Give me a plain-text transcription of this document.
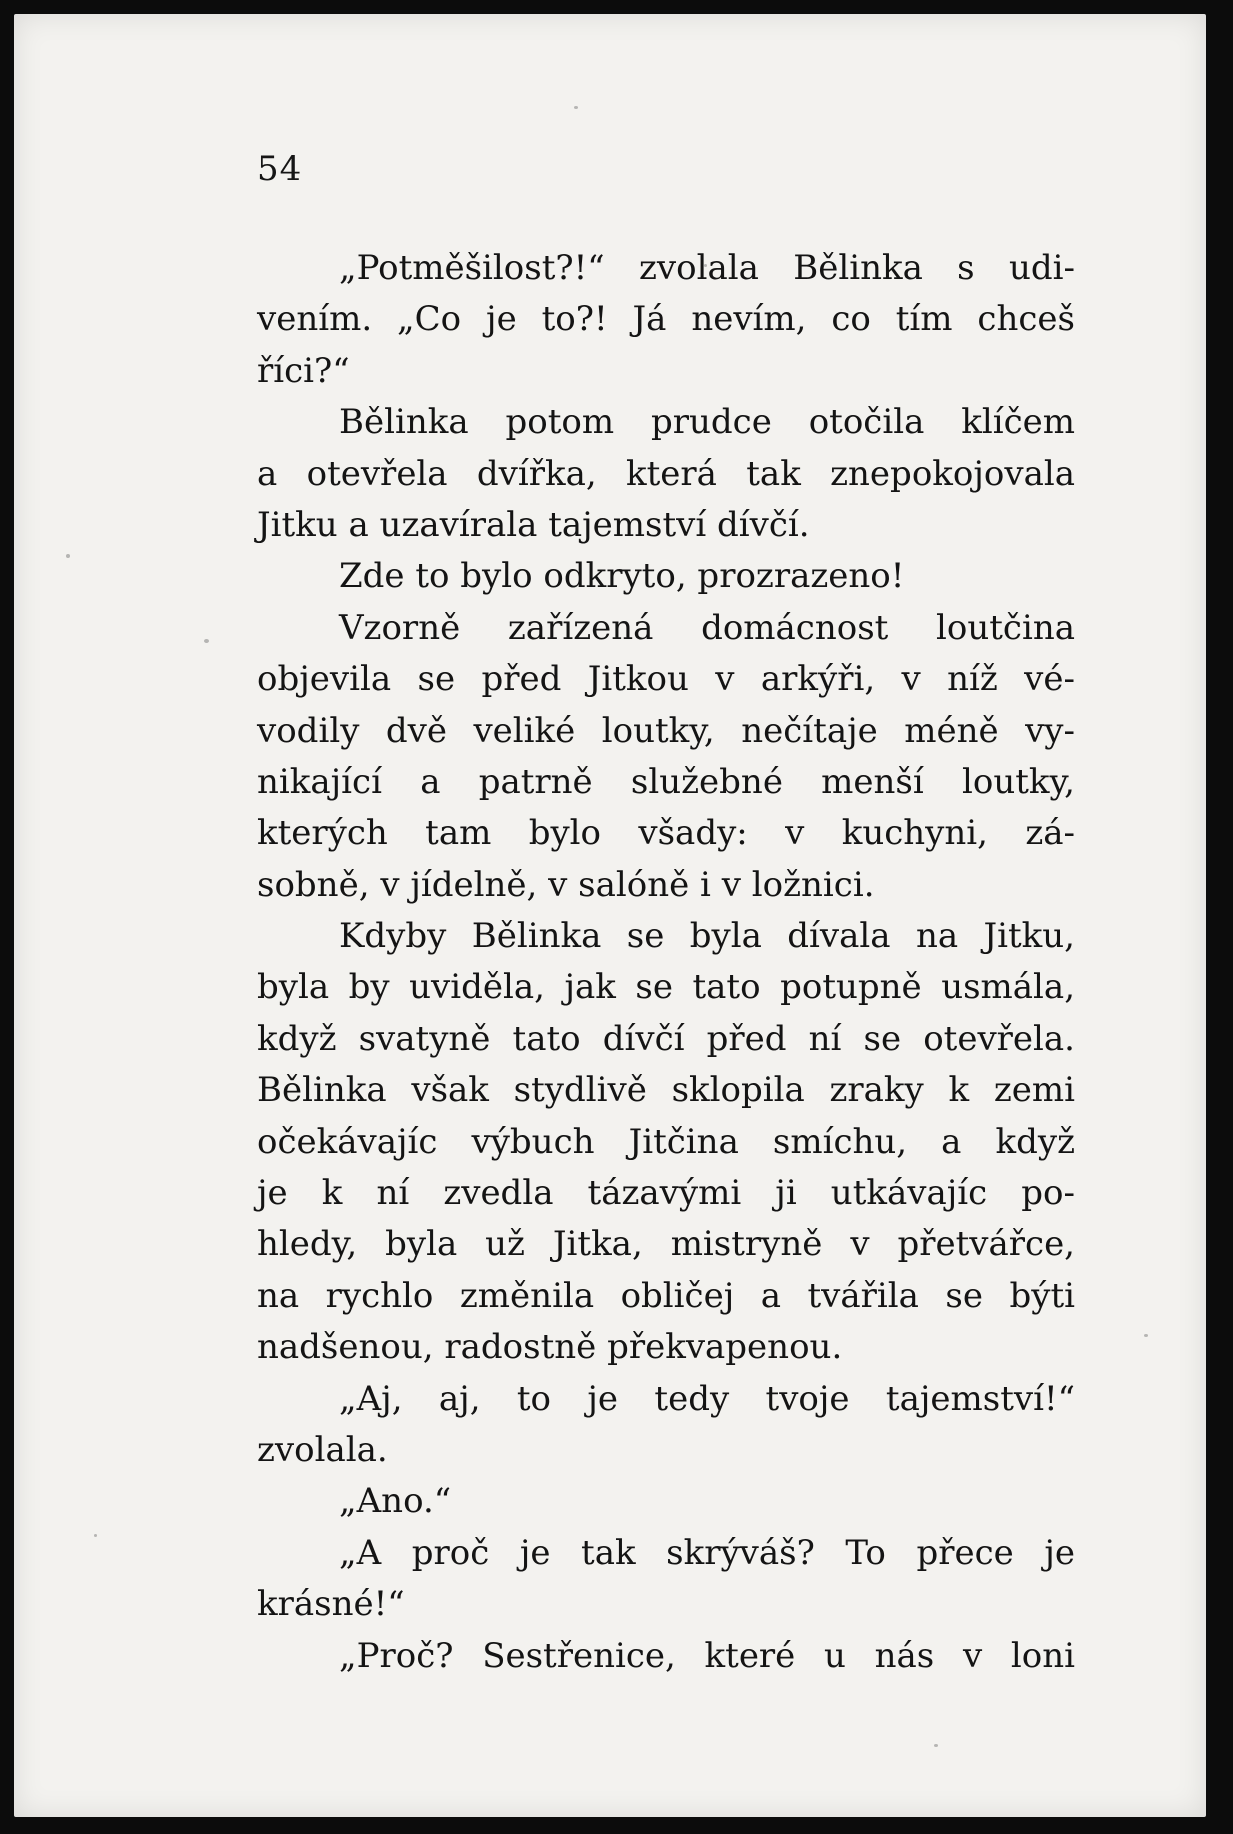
54
„Potměšilost?!“ zvolala Bělinka s udi-
vením. „Co je to?! Já nevím, co tím chceš
říci?“
Bělinka potom prudce otočila klíčem
a otevřela dvířka, která tak znepokojovala
Jitku a uzavírala tajemství dívčí.
Zde to bylo odkryto, prozrazeno!
Vzorně zařízená domácnost loutčina
objevila se před Jitkou v arkýři, v níž vé-
vodily dvě veliké loutky, nečítaje méně vy-
nikající a patrně služebné menší loutky,
kterých tam bylo všady: v kuchyni, zá-
sobně, v jídelně, v salóně i v ložnici.
Kdyby Bělinka se byla dívala na Jitku,
byla by uviděla, jak se tato potupně usmála,
když svatyně tato dívčí před ní se otevřela.
Bělinka však stydlivě sklopila zraky k zemi
očekávajíc výbuch Jitčina smíchu, a když
je k ní zvedla tázavými ji utkávajíc po-
hledy, byla už Jitka, mistryně v přetvářce,
na rychlo změnila obličej a tvářila se býti
nadšenou, radostně překvapenou.
„Aj, aj, to je tedy tvoje tajemství!“
zvolala.
„Ano.“
„A proč je tak skrýváš? To přece je
krásné!“
„Proč? Sestřenice, které u nás v loni
